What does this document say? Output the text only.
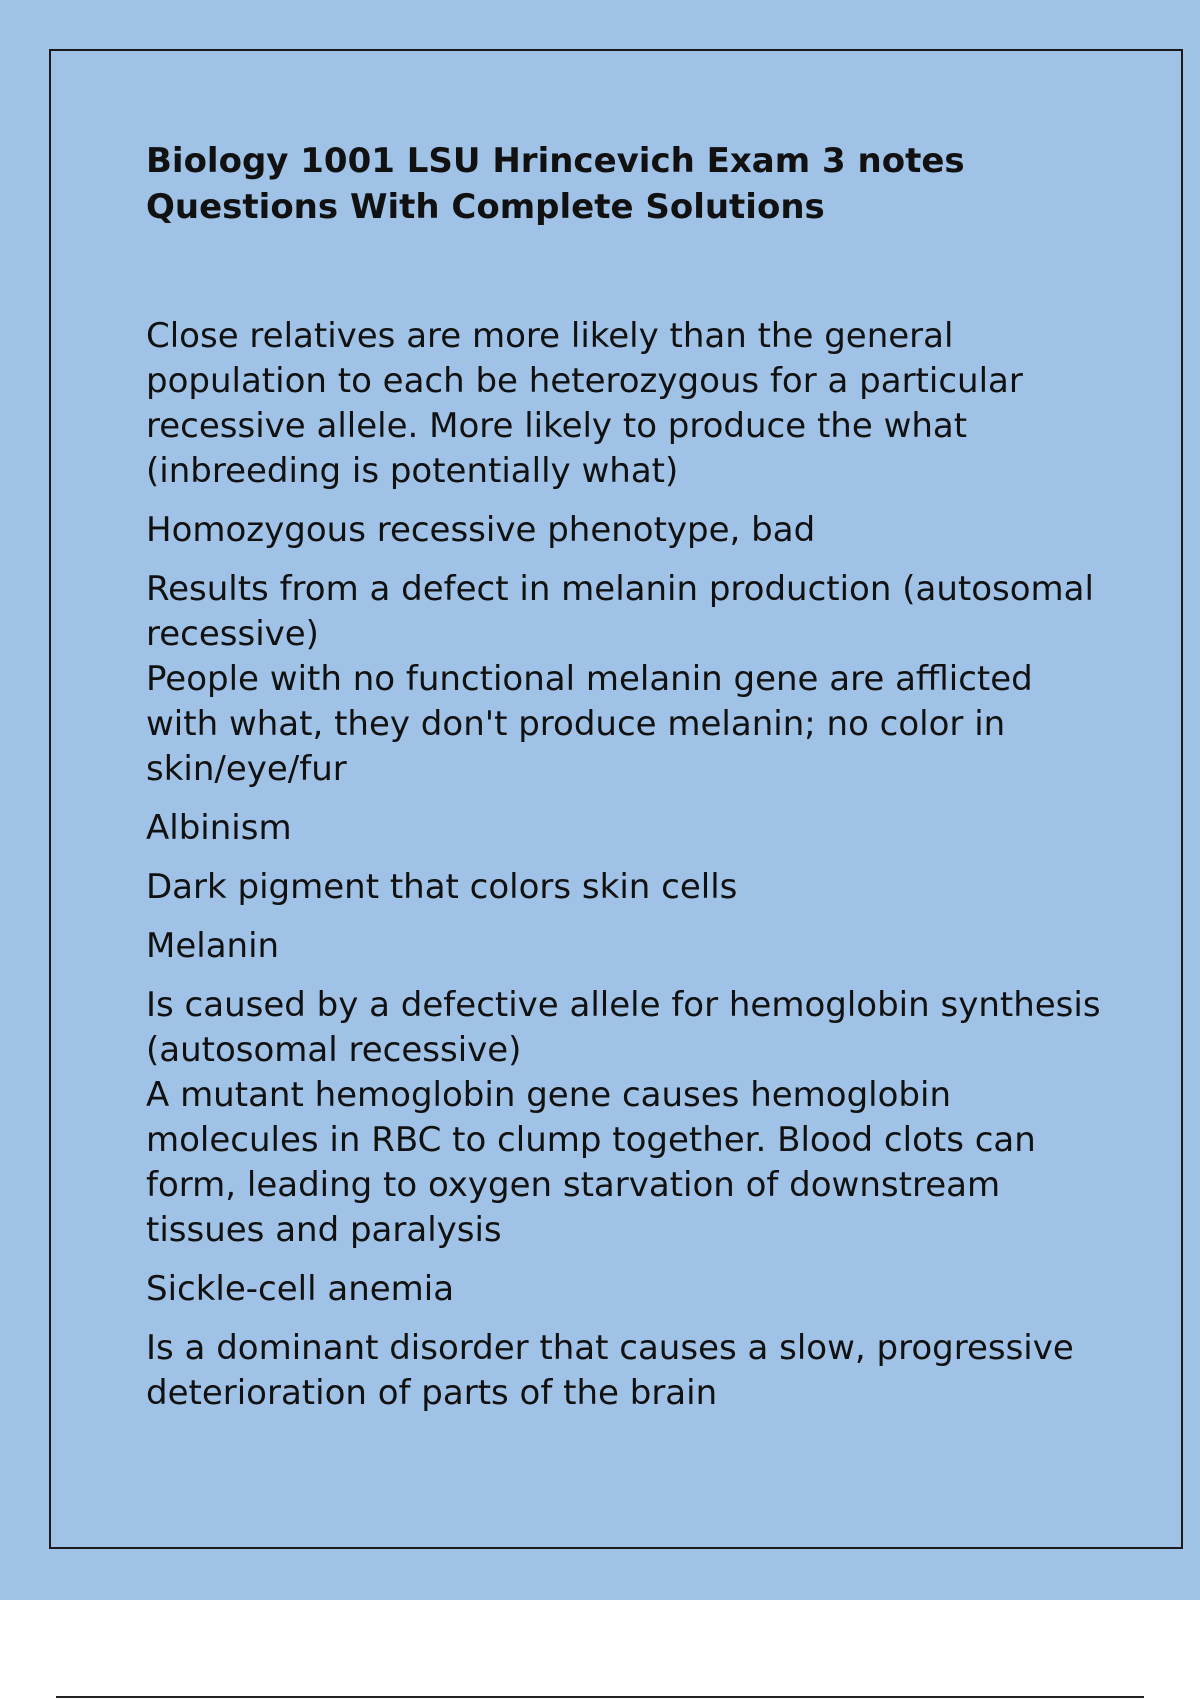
Biology 1001 LSU Hrincevich Exam 3 notes Questions With Complete Solutions

Close relatives are more likely than the general population to each be heterozygous for a particular recessive allele. More likely to produce the what (inbreeding is potentially what)

Homozygous recessive phenotype, bad

Results from a defect in melanin production (autosomal recessive)
People with no functional melanin gene are afflicted with what, they don't produce melanin; no color in skin/eye/fur

Albinism

Dark pigment that colors skin cells

Melanin

Is caused by a defective allele for hemoglobin synthesis (autosomal recessive)
A mutant hemoglobin gene causes hemoglobin molecules in RBC to clump together. Blood clots can form, leading to oxygen starvation of downstream tissues and paralysis

Sickle-cell anemia

Is a dominant disorder that causes a slow, progressive deterioration of parts of the brain
